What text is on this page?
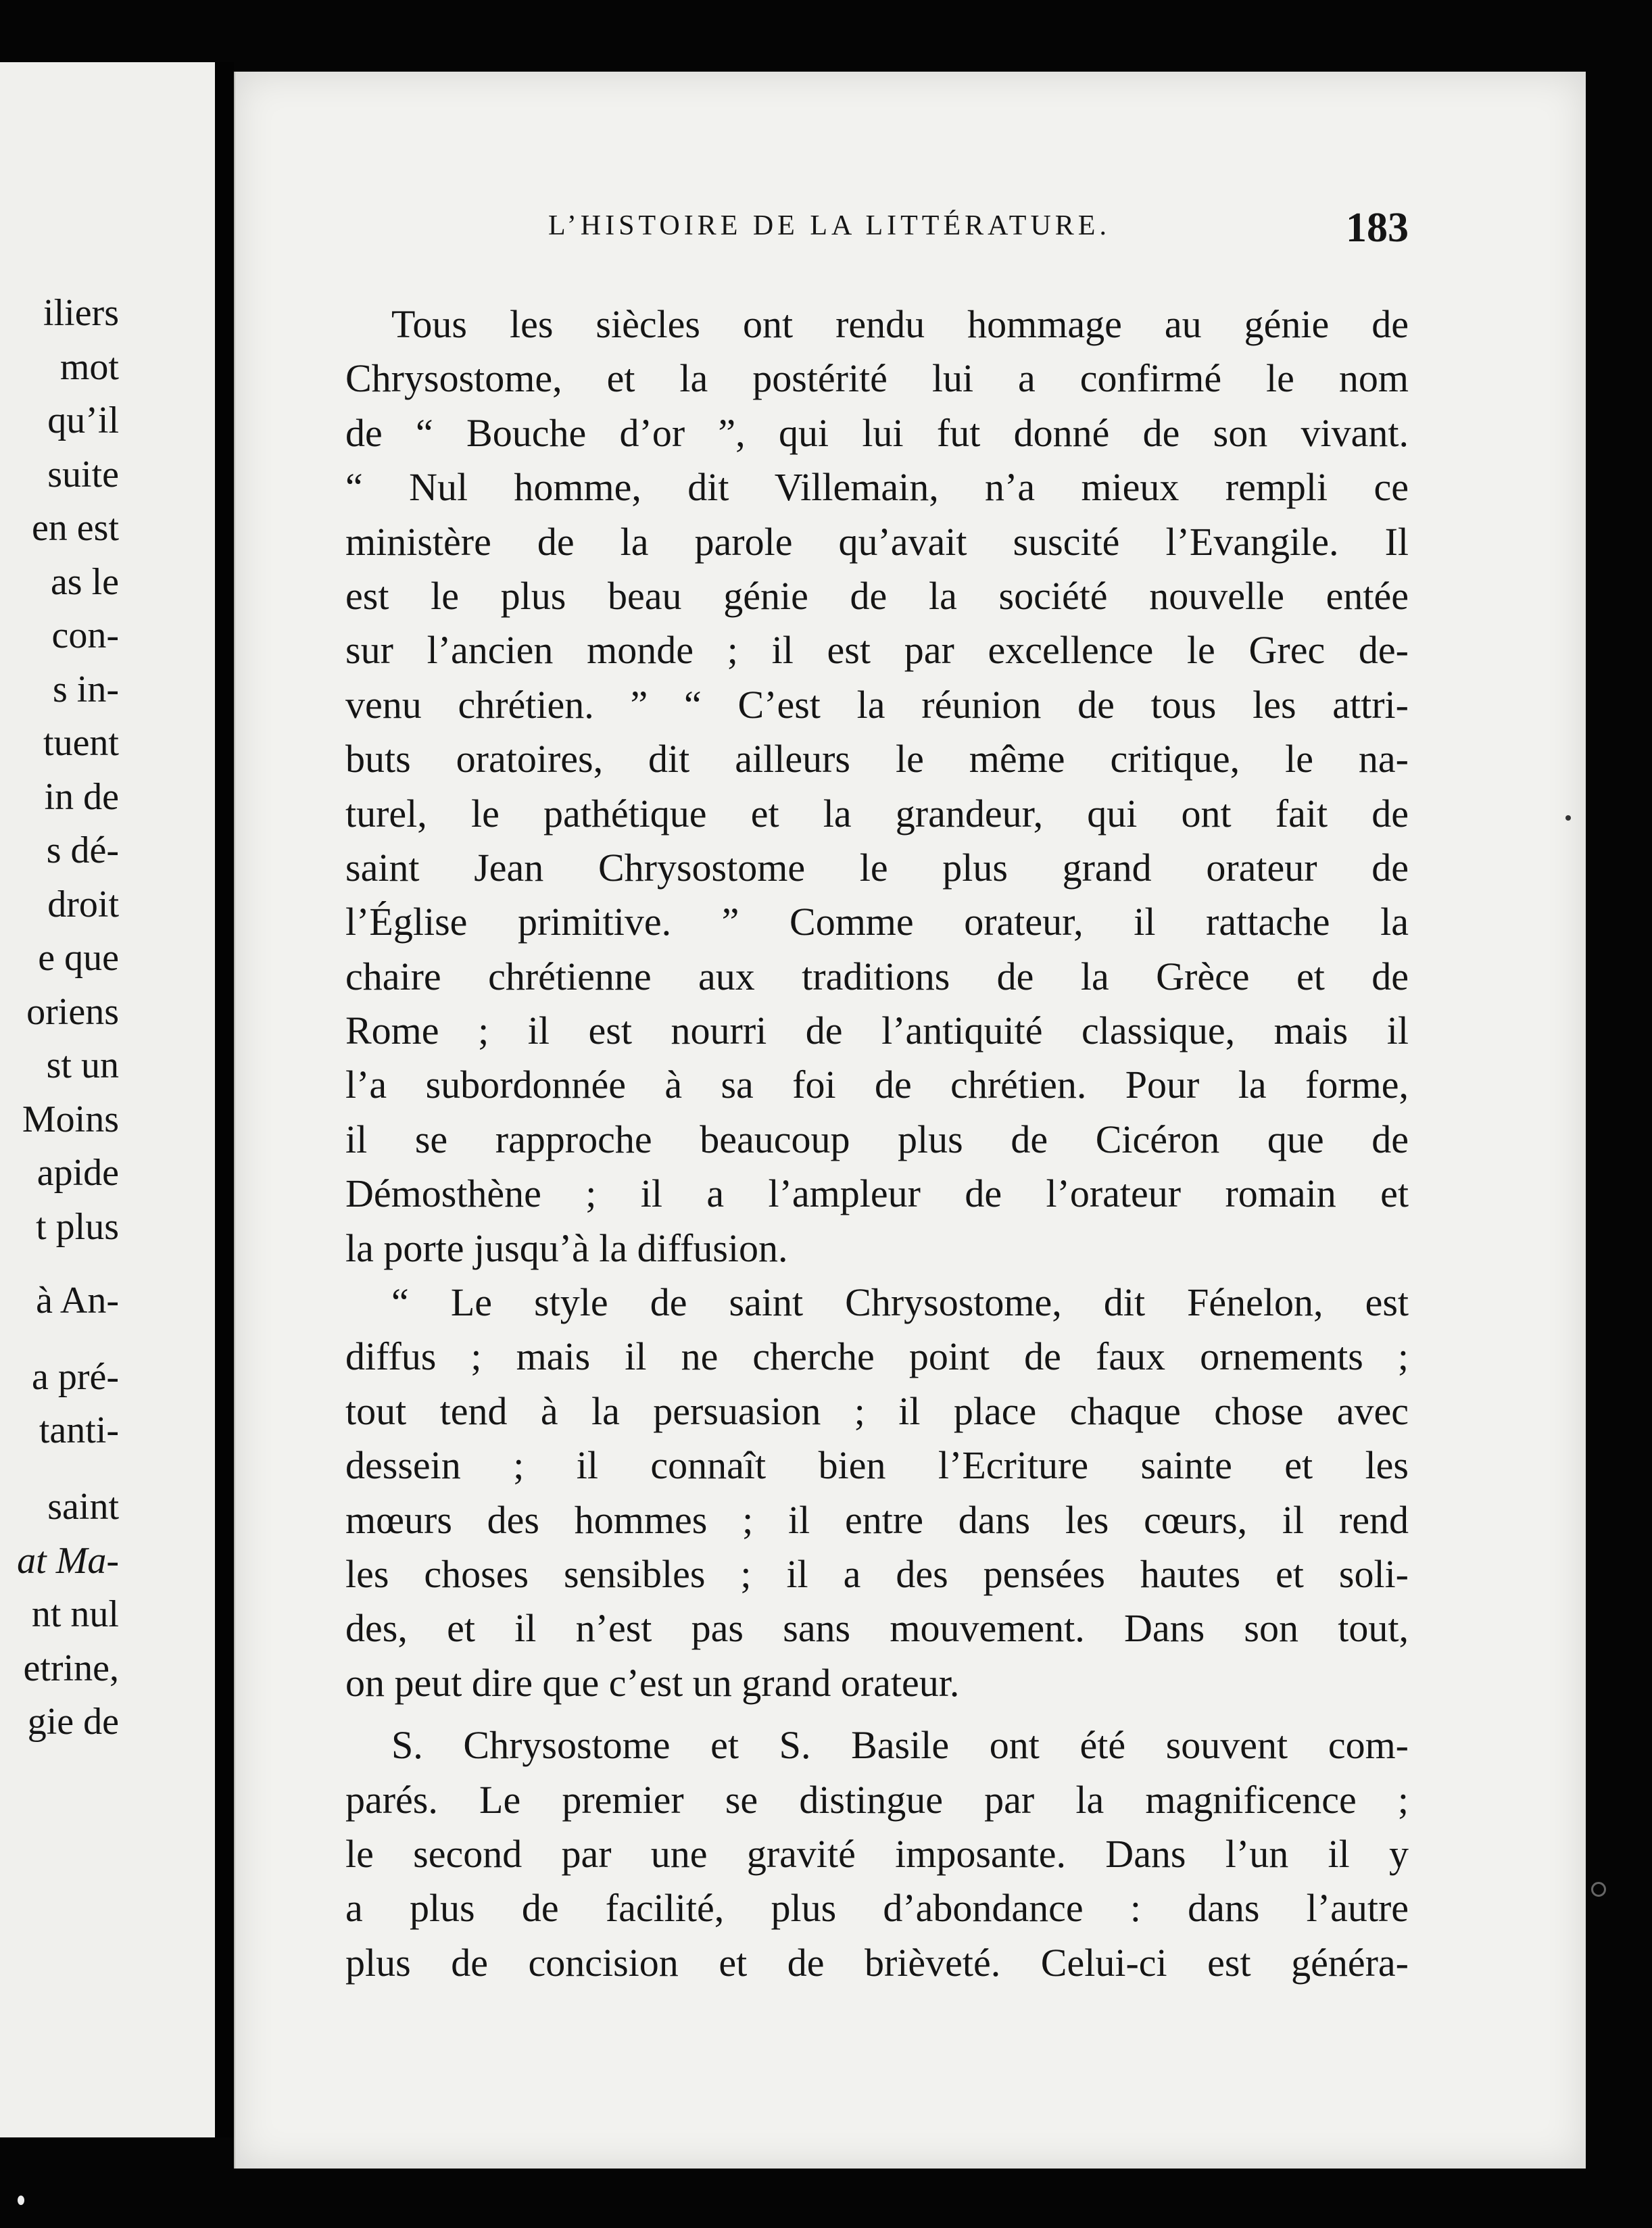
iliers
mot
qu’il
suite
en est
as le
con-
s in-
tuent
in de
s dé-
droit
e que
oriens
st un
Moins
apide
t plus
à An-
a pré-
tanti-
saint
at Ma-
nt nul
etrine,
gie de
L’HISTOIRE DE LA LITTÉRATURE.	183
Tous les siècles ont rendu hommage au génie de
Chrysostome, et la postérité lui a confirmé le nom
de “ Bouche d’or ”, qui lui fut donné de son vivant.
“ Nul homme, dit Villemain, n’a mieux rempli ce
ministère de la parole qu’avait suscité l’Evangile. Il
est le plus beau génie de la société nouvelle entée
sur l’ancien monde ; il est par excellence le Grec de-
venu chrétien. ” “ C’est la réunion de tous les attri-
buts oratoires, dit ailleurs le même critique, le na-
turel, le pathétique et la grandeur, qui ont fait de
saint Jean Chrysostome le plus grand orateur de
l’Église primitive. ” Comme orateur, il rattache la
chaire chrétienne aux traditions de la Grèce et de
Rome ; il est nourri de l’antiquité classique, mais il
l’a subordonnée à sa foi de chrétien. Pour la forme,
il se rapproche beaucoup plus de Cicéron que de
Démosthène ; il a l’ampleur de l’orateur romain et
la porte jusqu’à la diffusion.
“ Le style de saint Chrysostome, dit Fénelon, est
diffus ; mais il ne cherche point de faux ornements ;
tout tend à la persuasion ; il place chaque chose avec
dessein ; il connaît bien l’Ecriture sainte et les
mœurs des hommes ; il entre dans les cœurs, il rend
les choses sensibles ; il a des pensées hautes et soli-
des, et il n’est pas sans mouvement. Dans son tout,
on peut dire que c’est un grand orateur.
S. Chrysostome et S. Basile ont été souvent com-
parés. Le premier se distingue par la magnificence ;
le second par une gravité imposante. Dans l’un il y
a plus de facilité, plus d’abondance : dans l’autre
plus de concision et de brièveté. Celui-ci est généra-
